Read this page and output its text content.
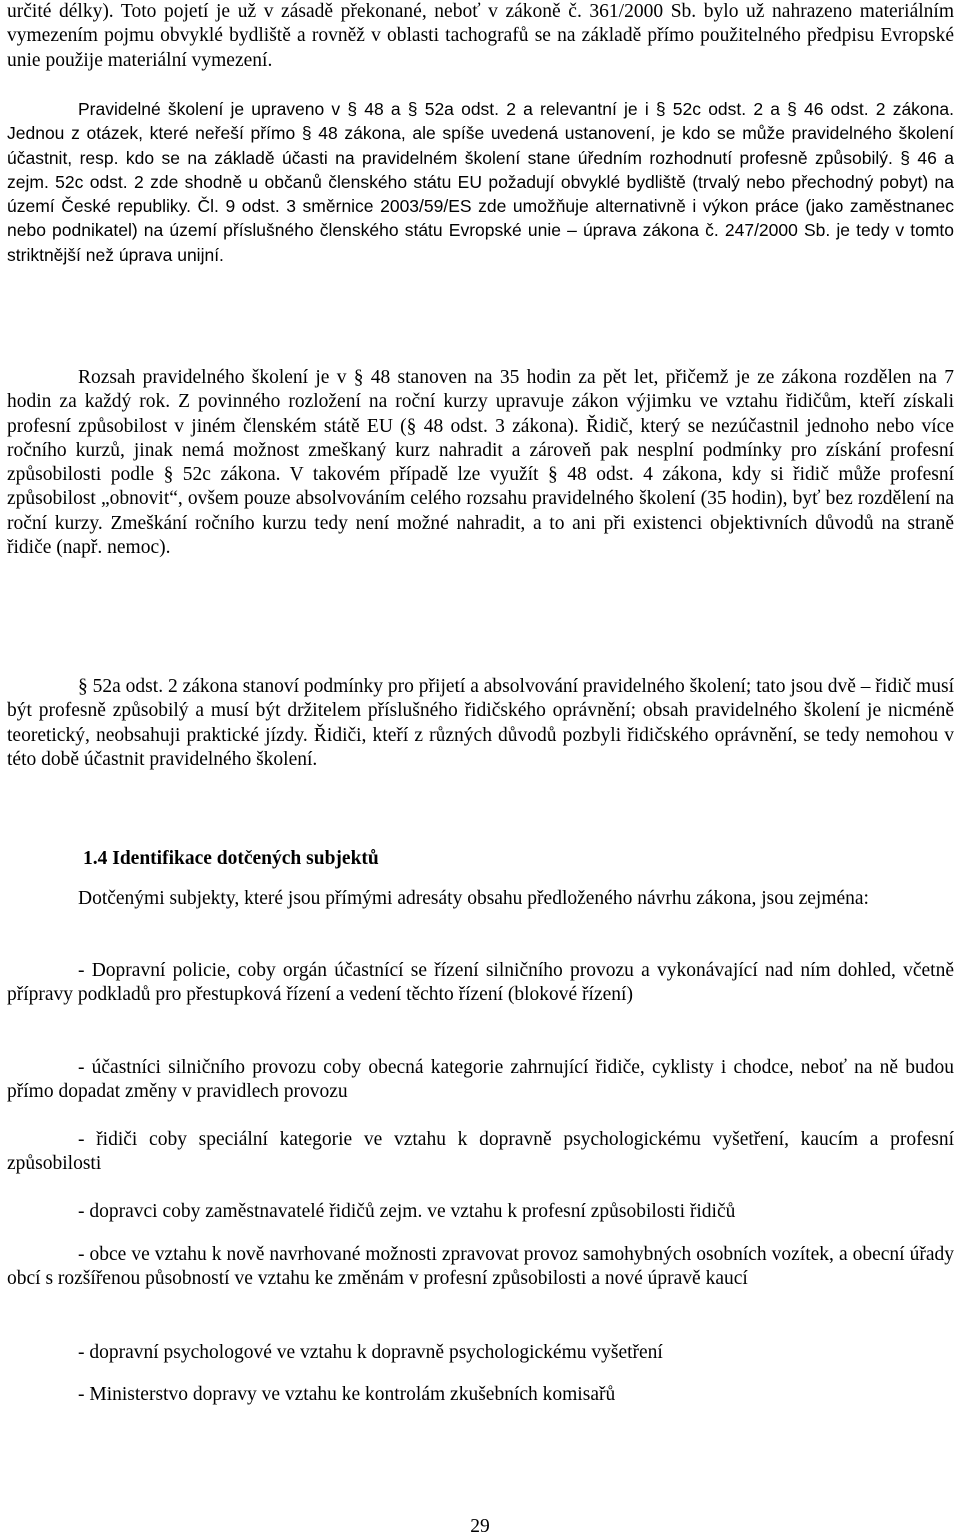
určité délky). Toto pojetí je už v zásadě překonané, neboť v zákoně č. 361/2000 Sb. bylo už nahrazeno materiálním vymezením pojmu obvyklé bydliště a rovněž v oblasti tachografů se na základě přímo použitelného předpisu Evropské unie použije materiální vymezení.

Pravidelné školení je upraveno v § 48 a § 52a odst. 2 a relevantní je i § 52c odst. 2 a § 46 odst. 2 zákona. Jednou z otázek, které neřeší přímo § 48 zákona, ale spíše uvedená ustanovení, je kdo se může pravidelného školení účastnit, resp. kdo se na základě účasti na pravidelném školení stane úředním rozhodnutí profesně způsobilý. § 46 a zejm. 52c odst. 2 zde shodně u občanů členského státu EU požadují obvyklé bydliště (trvalý nebo přechodný pobyt) na území České republiky. Čl. 9 odst. 3 směrnice 2003/59/ES zde umožňuje alternativně i výkon práce (jako zaměstnanec nebo podnikatel) na území příslušného členského státu Evropské unie – úprava zákona č. 247/2000 Sb. je tedy v tomto striktnější než úprava unijní.

Rozsah pravidelného školení je v § 48 stanoven na 35 hodin za pět let, přičemž je ze zákona rozdělen na 7 hodin za každý rok. Z povinného rozložení na roční kurzy upravuje zákon výjimku ve vztahu řidičům, kteří získali profesní způsobilost v jiném členském státě EU (§ 48 odst. 3 zákona). Řidič, který se nezúčastnil jednoho nebo více ročního kurzů, jinak nemá možnost zmeškaný kurz nahradit a zároveň pak nesplní podmínky pro získání profesní způsobilosti podle § 52c zákona. V takovém případě lze využít § 48 odst. 4 zákona, kdy si řidič může profesní způsobilost „obnovit“, ovšem pouze absolvováním celého rozsahu pravidelného školení (35 hodin), byť bez rozdělení na roční kurzy. Zmeškání ročního kurzu tedy není možné nahradit, a to ani při existenci objektivních důvodů na straně řidiče (např. nemoc).

§ 52a odst. 2 zákona stanoví podmínky pro přijetí a absolvování pravidelného školení; tato jsou dvě – řidič musí být profesně způsobilý a musí být držitelem příslušného řidičského oprávnění; obsah pravidelného školení je nicméně teoretický, neobsahuji praktické jízdy. Řidiči, kteří z různých důvodů pozbyli řidičského oprávnění, se tedy nemohou v této době účastnit pravidelného školení.

1.4 Identifikace dotčených subjektů

Dotčenými subjekty, které jsou přímými adresáty obsahu předloženého návrhu zákona, jsou zejména:

- Dopravní policie, coby orgán účastnící se řízení silničního provozu a vykonávající nad ním dohled, včetně přípravy podkladů pro přestupková řízení a vedení těchto řízení (blokové řízení)

- účastníci silničního provozu coby obecná kategorie zahrnující řidiče, cyklisty i chodce, neboť na ně budou přímo dopadat změny v pravidlech provozu

- řidiči coby speciální kategorie ve vztahu k dopravně psychologickému vyšetření, kaucím a profesní způsobilosti

- dopravci coby zaměstnavatelé řidičů zejm. ve vztahu k profesní způsobilosti řidičů

- obce ve vztahu k nově navrhované možnosti zpravovat provoz samohybných osobních vozítek, a obecní úřady obcí s rozšířenou působností ve vztahu ke změnám v profesní způsobilosti a nové úpravě kaucí

- dopravní psychologové ve vztahu k dopravně psychologickému vyšetření

- Ministerstvo dopravy ve vztahu ke kontrolám zkušebních komisařů

29
